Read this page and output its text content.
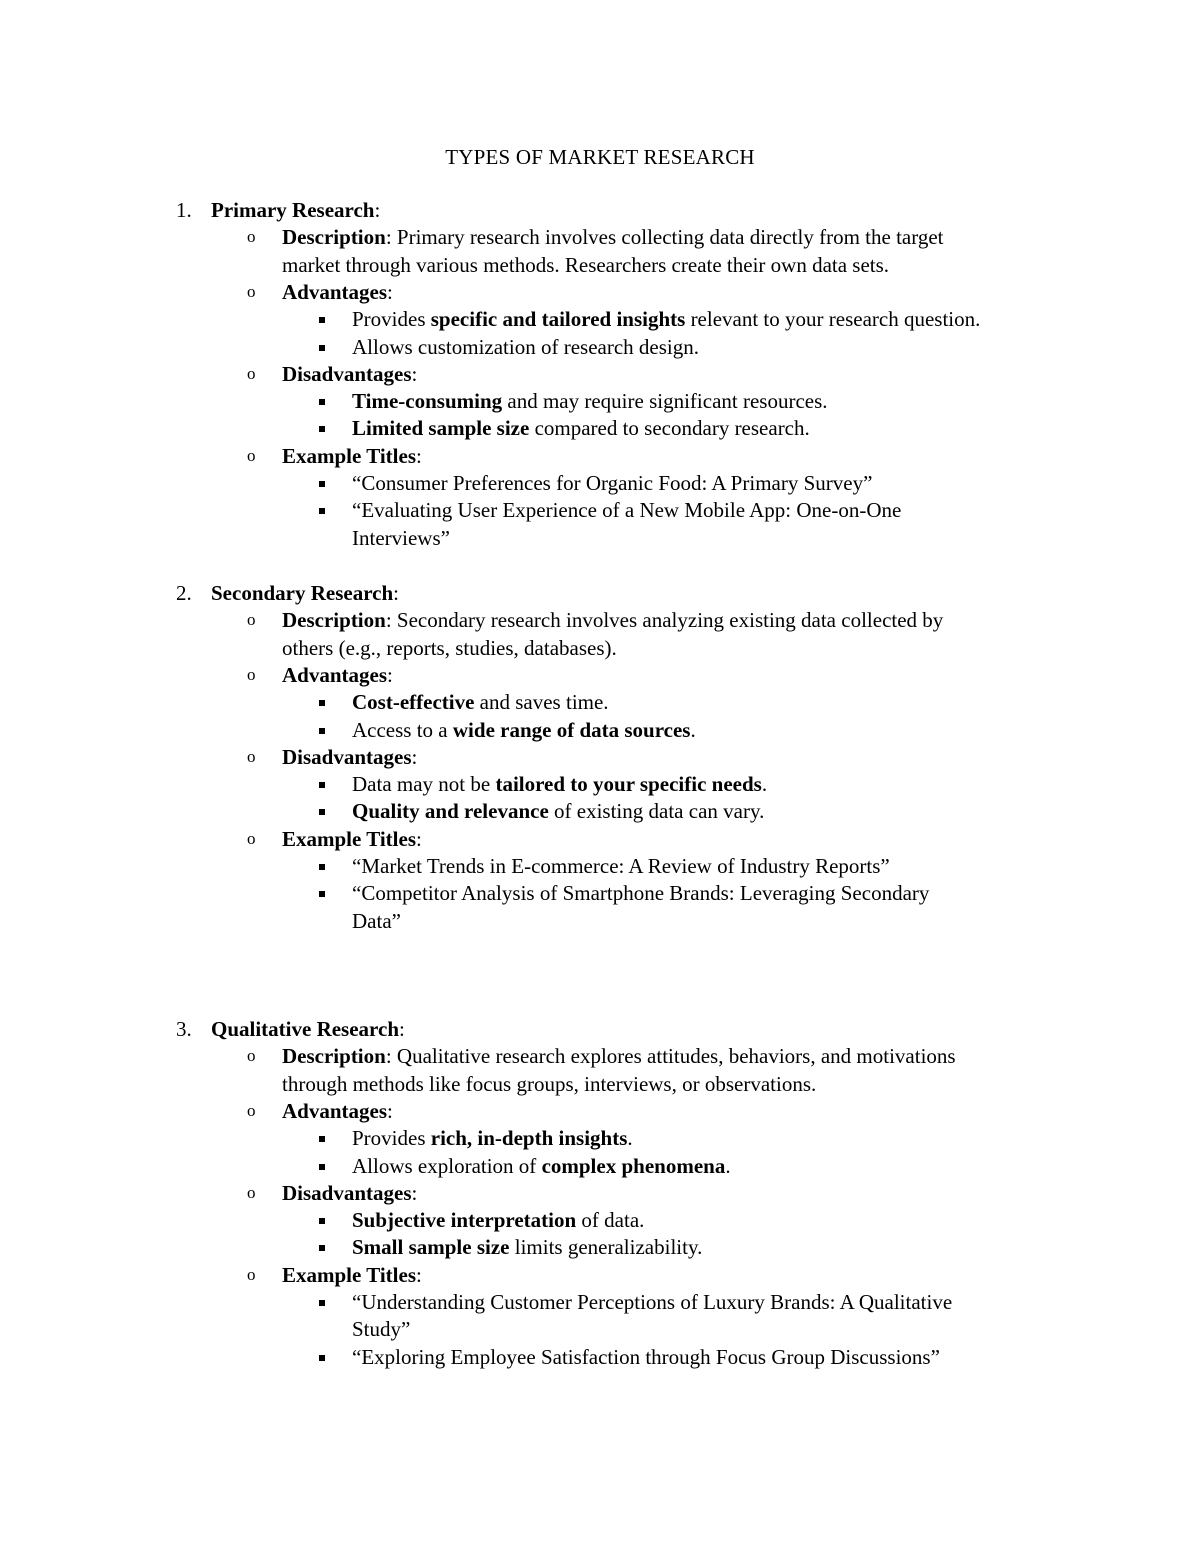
TYPES OF MARKET RESEARCH
1. Primary Research:
o Description: Primary research involves collecting data directly from the target
market through various methods. Researchers create their own data sets.
o Advantages:
Provides specific and tailored insights relevant to your research question.
Allows customization of research design.
o Disadvantages:
Time-consuming and may require significant resources.
Limited sample size compared to secondary research.
o Example Titles:
“Consumer Preferences for Organic Food: A Primary Survey”
“Evaluating User Experience of a New Mobile App: One-on-One
Interviews”
2. Secondary Research:
o Description: Secondary research involves analyzing existing data collected by
others (e.g., reports, studies, databases).
o Advantages:
Cost-effective and saves time.
Access to a wide range of data sources.
o Disadvantages:
Data may not be tailored to your specific needs.
Quality and relevance of existing data can vary.
o Example Titles:
“Market Trends in E-commerce: A Review of Industry Reports”
“Competitor Analysis of Smartphone Brands: Leveraging Secondary
Data”
3. Qualitative Research:
o Description: Qualitative research explores attitudes, behaviors, and motivations
through methods like focus groups, interviews, or observations.
o Advantages:
Provides rich, in-depth insights.
Allows exploration of complex phenomena.
o Disadvantages:
Subjective interpretation of data.
Small sample size limits generalizability.
o Example Titles:
“Understanding Customer Perceptions of Luxury Brands: A Qualitative
Study”
“Exploring Employee Satisfaction through Focus Group Discussions”
